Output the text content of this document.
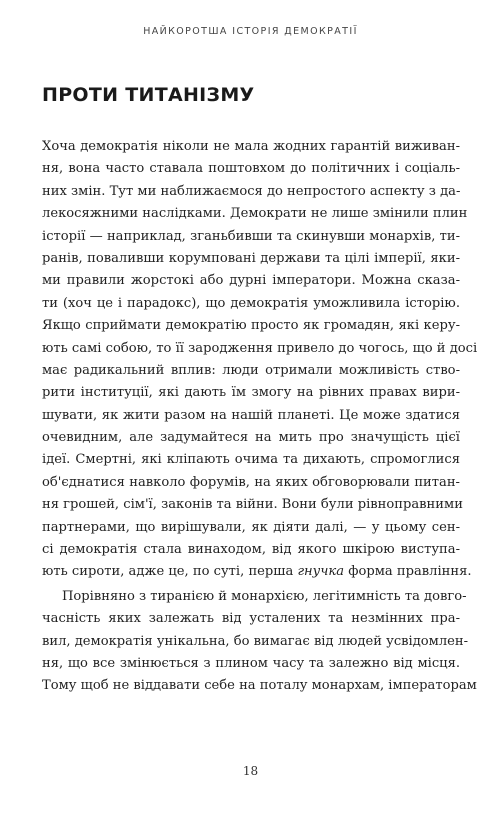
НАЙКОРОТША ІСТОРІЯ ДЕМОКРАТІЇ
ПРОТИ ТИТАНІЗМУ
Хоча демократія ніколи не мала жодних гарантій виживан-
ня, вона часто ставала поштовхом до політичних і соціаль-
них змін. Тут ми наближаємося до непростого аспекту з да-
лекосяжними наслідками. Демократи не лише змінили плин
історії — наприклад, зганьбивши та скинувши монархів, ти-
ранів, поваливши корумповані держави та цілі імперії, яки-
ми правили жорстокі або дурні імператори. Можна сказа-
ти (хоч це і парадокс), що демократія уможливила історію.
Якщо сприймати демократію просто як громадян, які керу-
ють самі собою, то її зародження привело до чогось, що й досі
має радикальний вплив: люди отримали можливість ство-
рити інституції, які дають їм змогу на рівних правах вири-
шувати, як жити разом на нашій планеті. Це може здатися
очевидним, але задумайтеся на мить про значущість цієї
ідеї. Смертні, які кліпають очима та дихають, спромоглися
об'єднатися навколо форумів, на яких обговорювали питан-
ня грошей, сім'ї, законів та війни. Вони були рівноправними
партнерами, що вирішували, як діяти далі, — у цьому сен-
сі демократія стала винаходом, від якого шкірою виступа-
ють сироти, адже це, по суті, перша гнучка форма правління.
Порівняно з тиранією й монархією, легітимність та довго-
часність яких залежать від усталених та незмінних пра-
вил, демократія унікальна, бо вимагає від людей усвідомлен-
ня, що все змінюється з плином часу та залежно від місця.
Тому щоб не віддавати себе на поталу монархам, імператорам
18
